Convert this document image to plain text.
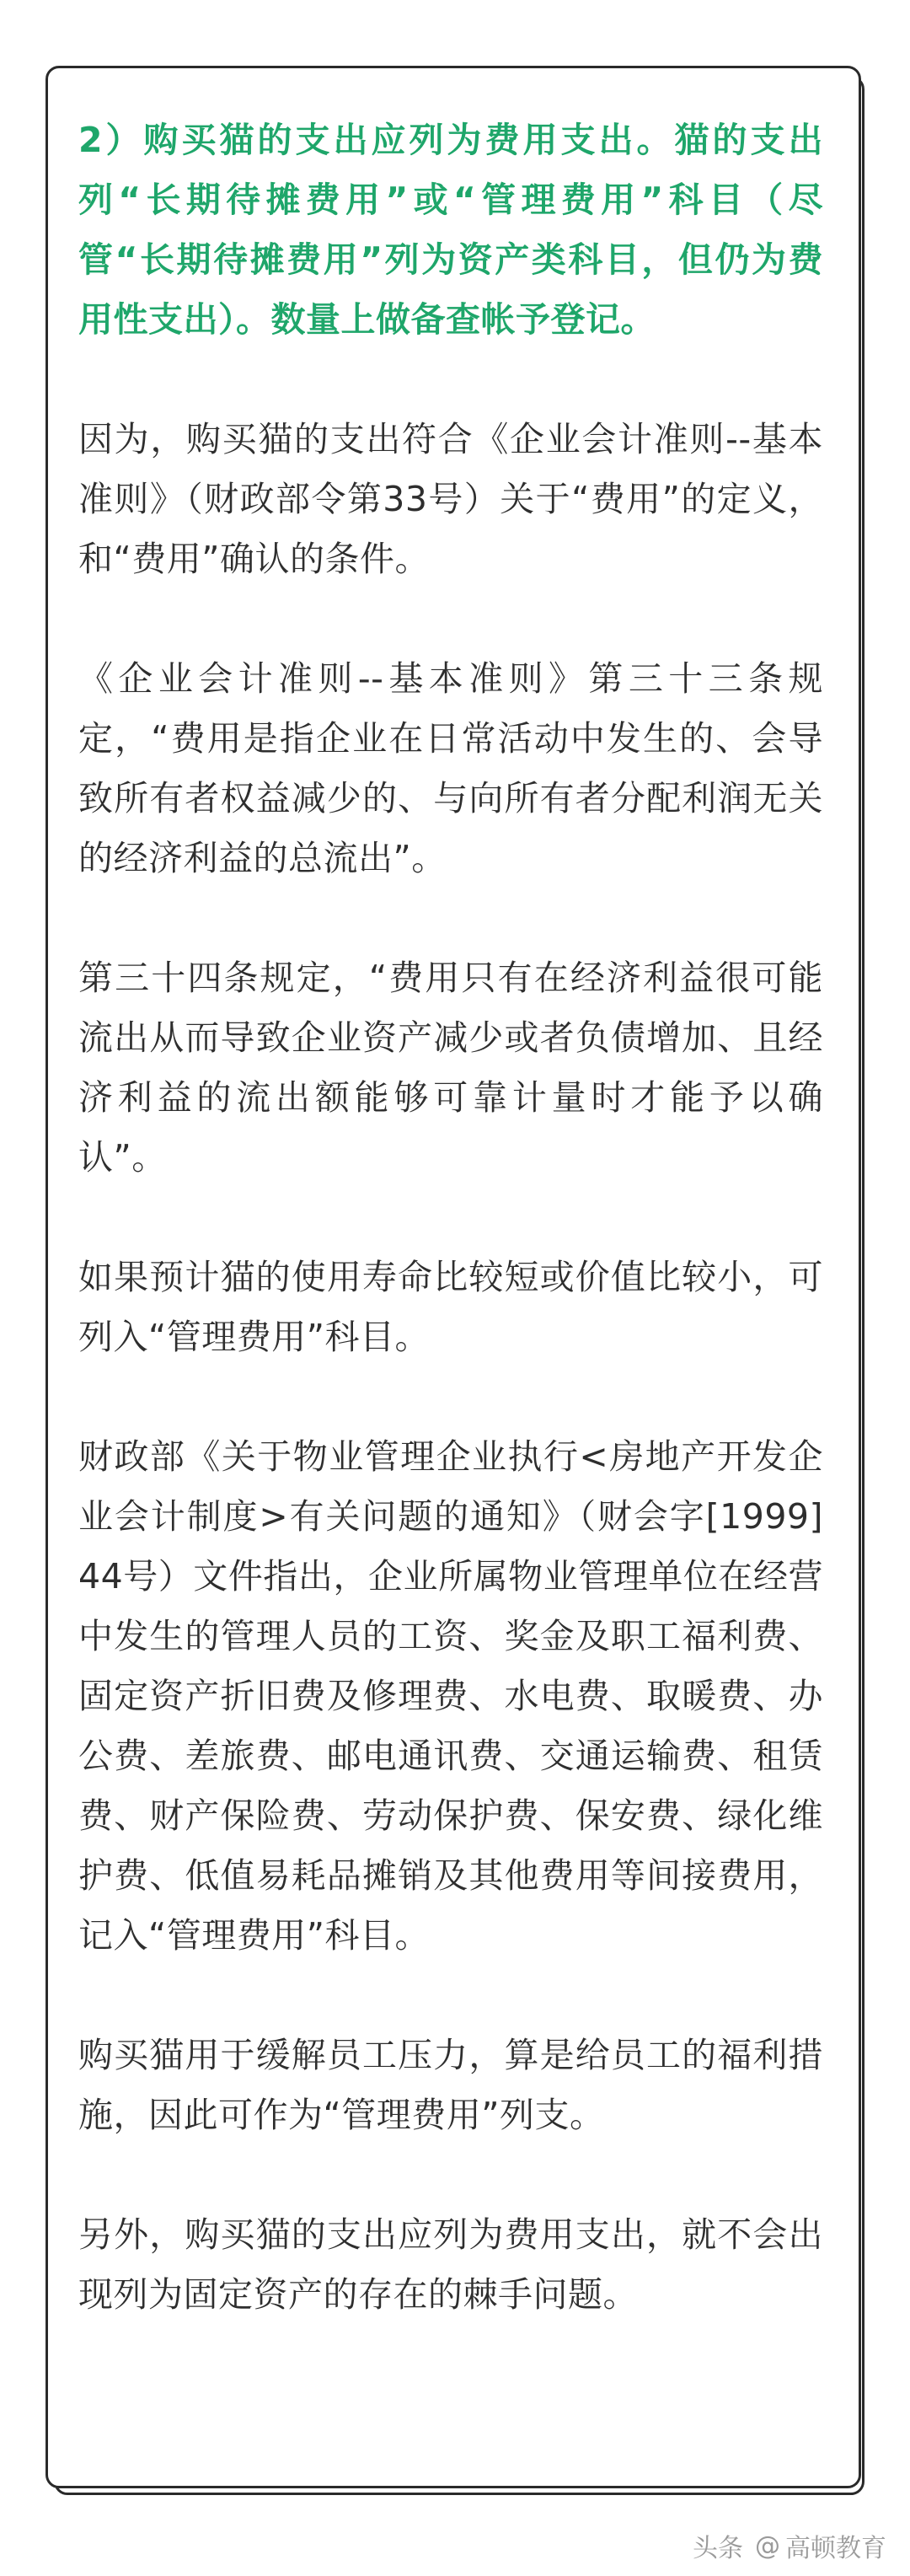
2）购买猫的支出应列为费用支出。猫的支出列“长期待摊费用”或“管理费用”科目（尽管“长期待摊费用”列为资产类科目，但仍为费用性支出）。数量上做备查帐予登记。

因为，购买猫的支出符合《企业会计准则--基本准则》（财政部令第33号）关于“费用”的定义，和“费用”确认的条件。

《企业会计准则--基本准则》第三十三条规定，“费用是指企业在日常活动中发生的、会导致所有者权益减少的、与向所有者分配利润无关的经济利益的总流出”。

第三十四条规定，“费用只有在经济利益很可能流出从而导致企业资产减少或者负债增加、且经济利益的流出额能够可靠计量时才能予以确认”。

如果预计猫的使用寿命比较短或价值比较小，可列入“管理费用”科目。

财政部《关于物业管理企业执行<房地产开发企业会计制度>有关问题的通知》（财会字[1999]44号）文件指出，企业所属物业管理单位在经营中发生的管理人员的工资、奖金及职工福利费、固定资产折旧费及修理费、水电费、取暖费、办公费、差旅费、邮电通讯费、交通运输费、租赁费、财产保险费、劳动保护费、保安费、绿化维护费、低值易耗品摊销及其他费用等间接费用，记入“管理费用”科目。

购买猫用于缓解员工压力，算是给员工的福利措施，因此可作为“管理费用”列支。

另外，购买猫的支出应列为费用支出，就不会出现列为固定资产的存在的棘手问题。

头条 @ 高顿教育
